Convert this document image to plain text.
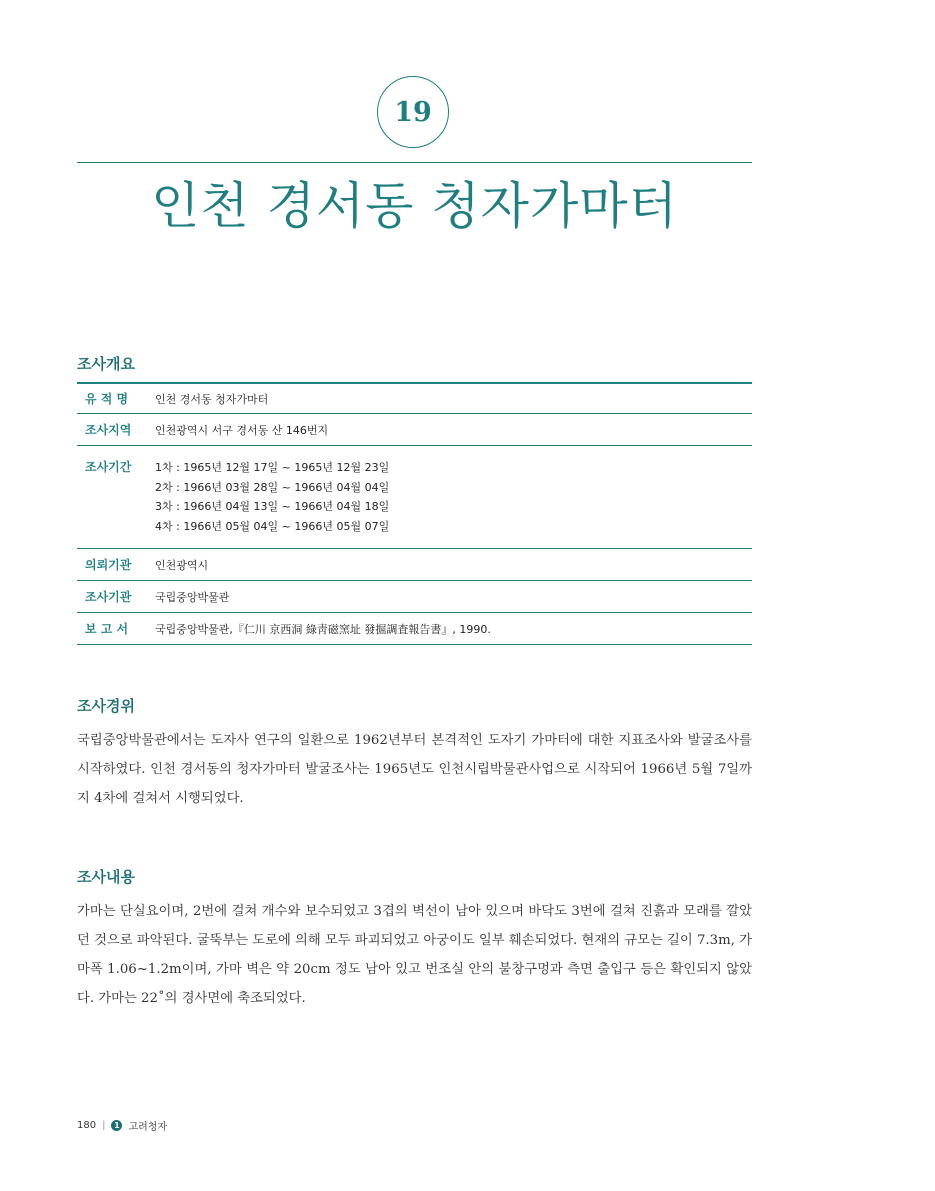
19
인천 경서동 청자가마터
조사개요
유 적 명	인천 경서동 청자가마터
조사지역	인천광역시 서구 경서동 산 146번지
조사기간	1차 : 1965년 12월 17일 ~ 1965년 12월 23일
2차 : 1966년 03월 28일 ~ 1966년 04월 04일
3차 : 1966년 04월 13일 ~ 1966년 04월 18일
4차 : 1966년 05월 04일 ~ 1966년 05월 07일
의뢰기관	인천광역시
조사기관	국립중앙박물관
보 고 서	국립중앙박물관,『仁川 京西洞 綠靑磁窯址 發掘調査報告書』, 1990.
조사경위

국립중앙박물관에서는 도자사 연구의 일환으로 1962년부터 본격적인 도자기 가마터에 대한 지표조사와 발굴조사를 시작하였다. 인천 경서동의 청자가마터 발굴조사는 1965년도 인천시립박물관사업으로 시작되어 1966년 5월 7일까지 4차에 걸쳐서 시행되었다.

조사내용

가마는 단실요이며, 2번에 걸쳐 개수와 보수되었고 3겹의 벽선이 남아 있으며 바닥도 3번에 걸쳐 진흙과 모래를 깔았던 것으로 파악된다. 굴뚝부는 도로에 의해 모두 파괴되었고 아궁이도 일부 훼손되었다. 현재의 규모는 길이 7.3m, 가마폭 1.06~1.2m이며, 가마 벽은 약 20cm 정도 남아 있고 번조실 안의 불창구멍과 측면 출입구 등은 확인되지 않았다. 가마는 22˚의 경사면에 축조되었다.

180 |	1 고려청자
